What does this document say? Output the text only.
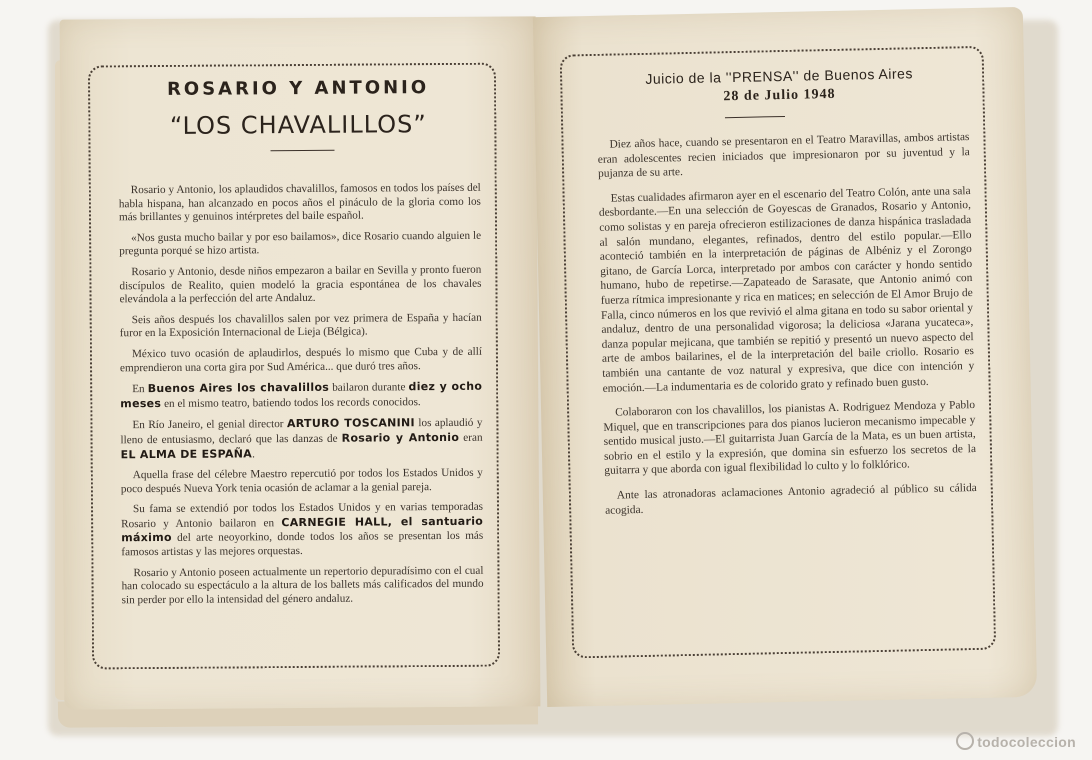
ROSARIO Y ANTONIO
“LOS CHAVALILLOS”

Rosario y Antonio, los aplaudidos chavalillos, famosos en todos los países del habla hispana, han alcanzado en pocos años el pináculo de la gloria como los más brillantes y genuinos intérpretes del baile español.

«Nos gusta mucho bailar y por eso bailamos», dice Rosario cuando alguien le pregunta porqué se hizo artista.

Rosario y Antonio, desde niños empezaron a bailar en Sevilla y pronto fueron discípulos de Realito, quien modeló la gracia espontánea de los chavales elevándola a la perfección del arte Andaluz.

Seis años después los chavalillos salen por vez primera de España y hacían furor en la Exposición Internacional de Lieja (Bélgica).

México tuvo ocasión de aplaudirlos, después lo mismo que Cuba y de allí emprendieron una corta gira por Sud América... que duró tres años.

En Buenos Aires los chavalillos bailaron durante diez y ocho meses en el mismo teatro, batiendo todos los records conocidos.

En Río Janeiro, el genial director ARTURO TOSCANINI los aplaudió y lleno de entusiasmo, declaró que las danzas de Rosario y Antonio eran EL ALMA DE ESPAÑA.

Aquella frase del célebre Maestro repercutió por todos los Estados Unidos y poco después Nueva York tenia ocasión de aclamar a la genial pareja.

Su fama se extendió por todos los Estados Unidos y en varias temporadas Rosario y Antonio bailaron en CARNEGIE HALL, el santuario máximo del arte neoyorkino, donde todos los años se presentan los más famosos artistas y las mejores orquestas.

Rosario y Antonio poseen actualmente un repertorio depuradísimo con el cual han colocado su espectáculo a la altura de los ballets más calificados del mundo sin perder por ello la intensidad del género andaluz.

Juicio de la ''PRENSA'' de Buenos Aires
28 de Julio 1948

Diez años hace, cuando se presentaron en el Teatro Maravillas, ambos artistas eran adolescentes recien iniciados que impresionaron por su juventud y la pujanza de su arte.

Estas cualidades afirmaron ayer en el escenario del Teatro Colón, ante una sala desbordante.—En una selección de Goyescas de Granados, Rosario y Antonio, como solistas y en pareja ofrecieron estilizaciones de danza hispánica trasladada al salón mundano, elegantes, refinados, dentro del estilo popular.—Ello aconteció también en la interpretación de páginas de Albéniz y el Zorongo gitano, de García Lorca, interpretado por ambos con carácter y hondo sentido humano, hubo de repetirse.—Zapateado de Sarasate, que Antonio animó con fuerza rítmica impresionante y rica en matices; en selección de El Amor Brujo de Falla, cinco números en los que revivió el alma gitana en todo su sabor oriental y andaluz, dentro de una personalidad vigorosa; la deliciosa «Jarana yucateca», danza popular mejicana, que también se repitió y presentó un nuevo aspecto del arte de ambos bailarines, el de la interpretación del baile criollo. Rosario es también una cantante de voz natural y expresiva, que dice con intención y emoción.—La indumentaria es de colorido grato y refinado buen gusto.

Colaboraron con los chavalillos, los pianistas A. Rodriguez Mendoza y Pablo Miquel, que en transcripciones para dos pianos lucieron mecanismo impecable y sentido musical justo.—El guitarrista Juan García de la Mata, es un buen artista, sobrio en el estilo y la expresión, que domina sin esfuerzo los secretos de la guitarra y que aborda con igual flexibilidad lo culto y lo folklórico.

Ante las atronadoras aclamaciones Antonio agradeció al público su cálida acogida.

todocoleccion
